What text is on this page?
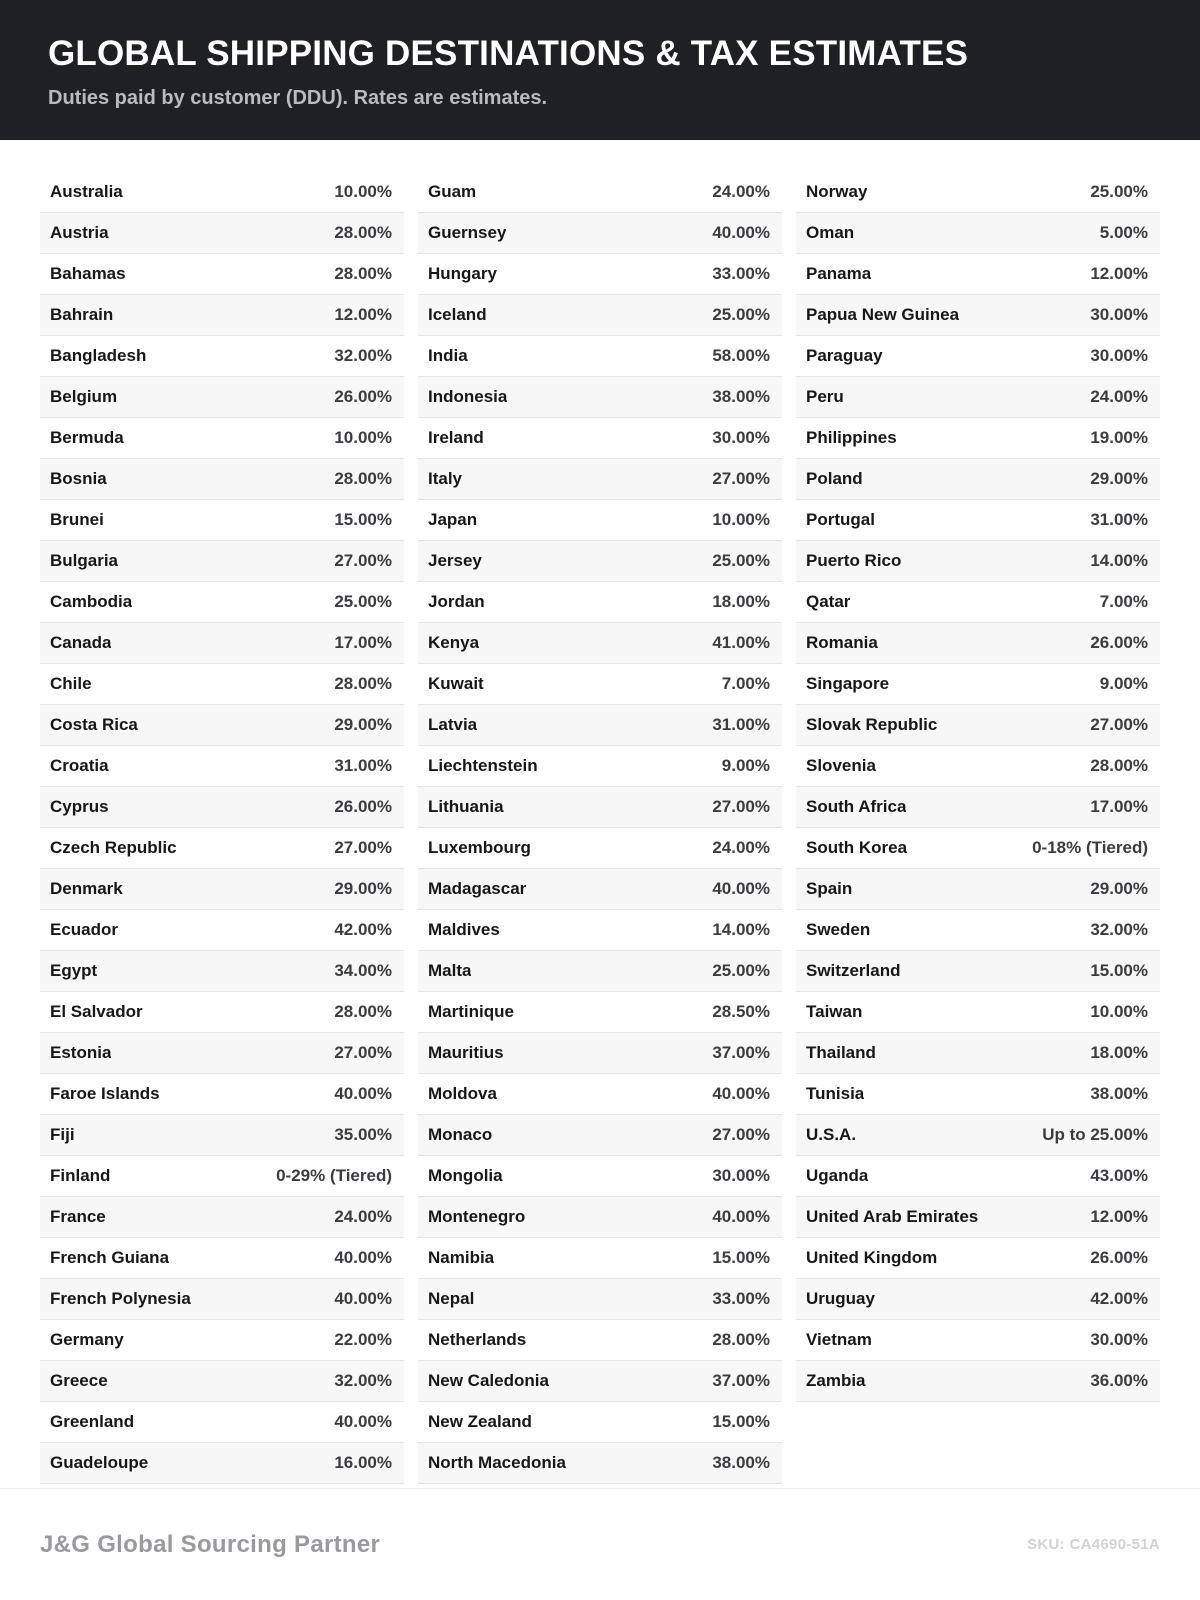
GLOBAL SHIPPING DESTINATIONS & TAX ESTIMATES
Duties paid by customer (DDU). Rates are estimates.
Australia	10.00%
Austria	28.00%
Bahamas	28.00%
Bahrain	12.00%
Bangladesh	32.00%
Belgium	26.00%
Bermuda	10.00%
Bosnia	28.00%
Brunei	15.00%
Bulgaria	27.00%
Cambodia	25.00%
Canada	17.00%
Chile	28.00%
Costa Rica	29.00%
Croatia	31.00%
Cyprus	26.00%
Czech Republic	27.00%
Denmark	29.00%
Ecuador	42.00%
Egypt	34.00%
El Salvador	28.00%
Estonia	27.00%
Faroe Islands	40.00%
Fiji	35.00%
Finland	0-29% (Tiered)
France	24.00%
French Guiana	40.00%
French Polynesia	40.00%
Germany	22.00%
Greece	32.00%
Greenland	40.00%
Guadeloupe	16.00%
Guam	24.00%
Guernsey	40.00%
Hungary	33.00%
Iceland	25.00%
India	58.00%
Indonesia	38.00%
Ireland	30.00%
Italy	27.00%
Japan	10.00%
Jersey	25.00%
Jordan	18.00%
Kenya	41.00%
Kuwait	7.00%
Latvia	31.00%
Liechtenstein	9.00%
Lithuania	27.00%
Luxembourg	24.00%
Madagascar	40.00%
Maldives	14.00%
Malta	25.00%
Martinique	28.50%
Mauritius	37.00%
Moldova	40.00%
Monaco	27.00%
Mongolia	30.00%
Montenegro	40.00%
Namibia	15.00%
Nepal	33.00%
Netherlands	28.00%
New Caledonia	37.00%
New Zealand	15.00%
North Macedonia	38.00%
Norway	25.00%
Oman	5.00%
Panama	12.00%
Papua New Guinea	30.00%
Paraguay	30.00%
Peru	24.00%
Philippines	19.00%
Poland	29.00%
Portugal	31.00%
Puerto Rico	14.00%
Qatar	7.00%
Romania	26.00%
Singapore	9.00%
Slovak Republic	27.00%
Slovenia	28.00%
South Africa	17.00%
South Korea	0-18% (Tiered)
Spain	29.00%
Sweden	32.00%
Switzerland	15.00%
Taiwan	10.00%
Thailand	18.00%
Tunisia	38.00%
U.S.A.	Up to 25.00%
Uganda	43.00%
United Arab Emirates	12.00%
United Kingdom	26.00%
Uruguay	42.00%
Vietnam	30.00%
Zambia	36.00%
J&G Global Sourcing Partner	SKU: CA4690-51A
